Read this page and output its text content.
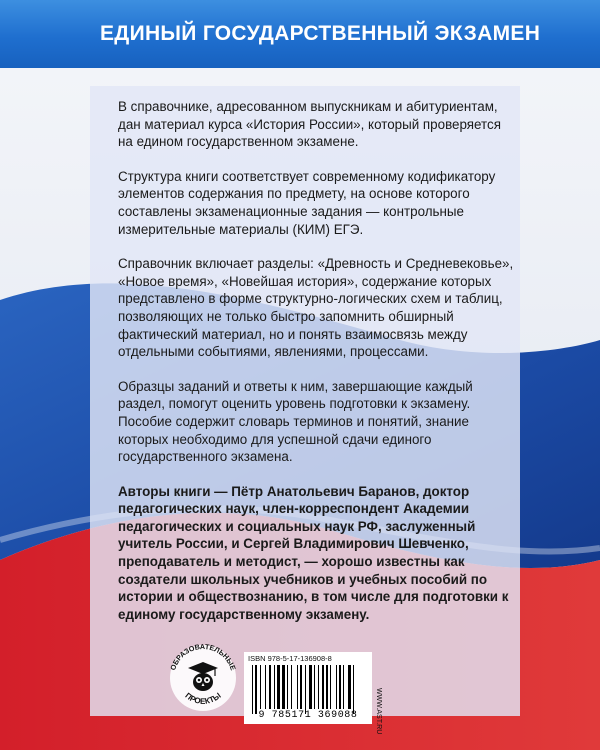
ЕДИНЫЙ ГОСУДАРСТВЕННЫЙ ЭКЗАМЕН

В справочнике, адресованном выпускникам и абитуриентам, дан материал курса «История России», который проверяется на едином государственном экзамене.

Структура книги соответствует современному кодификатору элементов содержания по предмету, на основе которого составлены экзаменационные задания — контрольные измерительные материалы (КИМ) ЕГЭ.

Справочник включает разделы: «Древность и Средневековье», «Новое время», «Новейшая история», содержание которых представлено в форме структурно-логических схем и таблиц, позволяющих не только быстро запомнить обширный фактический материал, но и понять взаимосвязь между отдельными событиями, явлениями, процессами.

Образцы заданий и ответы к ним, завершающие каждый раздел, помогут оценить уровень подготовки к экзамену. Пособие содержит словарь терминов и понятий, знание которых необходимо для успешной сдачи единого государственного экзамена.

Авторы книги — Пётр Анатольевич Баранов, доктор педагогических наук, член-корреспондент Академии педагогических и социальных наук РФ, заслуженный учитель России, и Сергей Владимирович Шевченко, преподаватель и методист, — хорошо известны как создатели школьных учебников и учебных пособий по истории и обществознанию, в том числе для подготовки к единому государственному экзамену.

ОБРАЗОВАТЕЛЬНЫЕ
ПРОЕКТЫ
ISBN 978-5-17-136908-8
9 785171 369088	WWW.AST.RU
